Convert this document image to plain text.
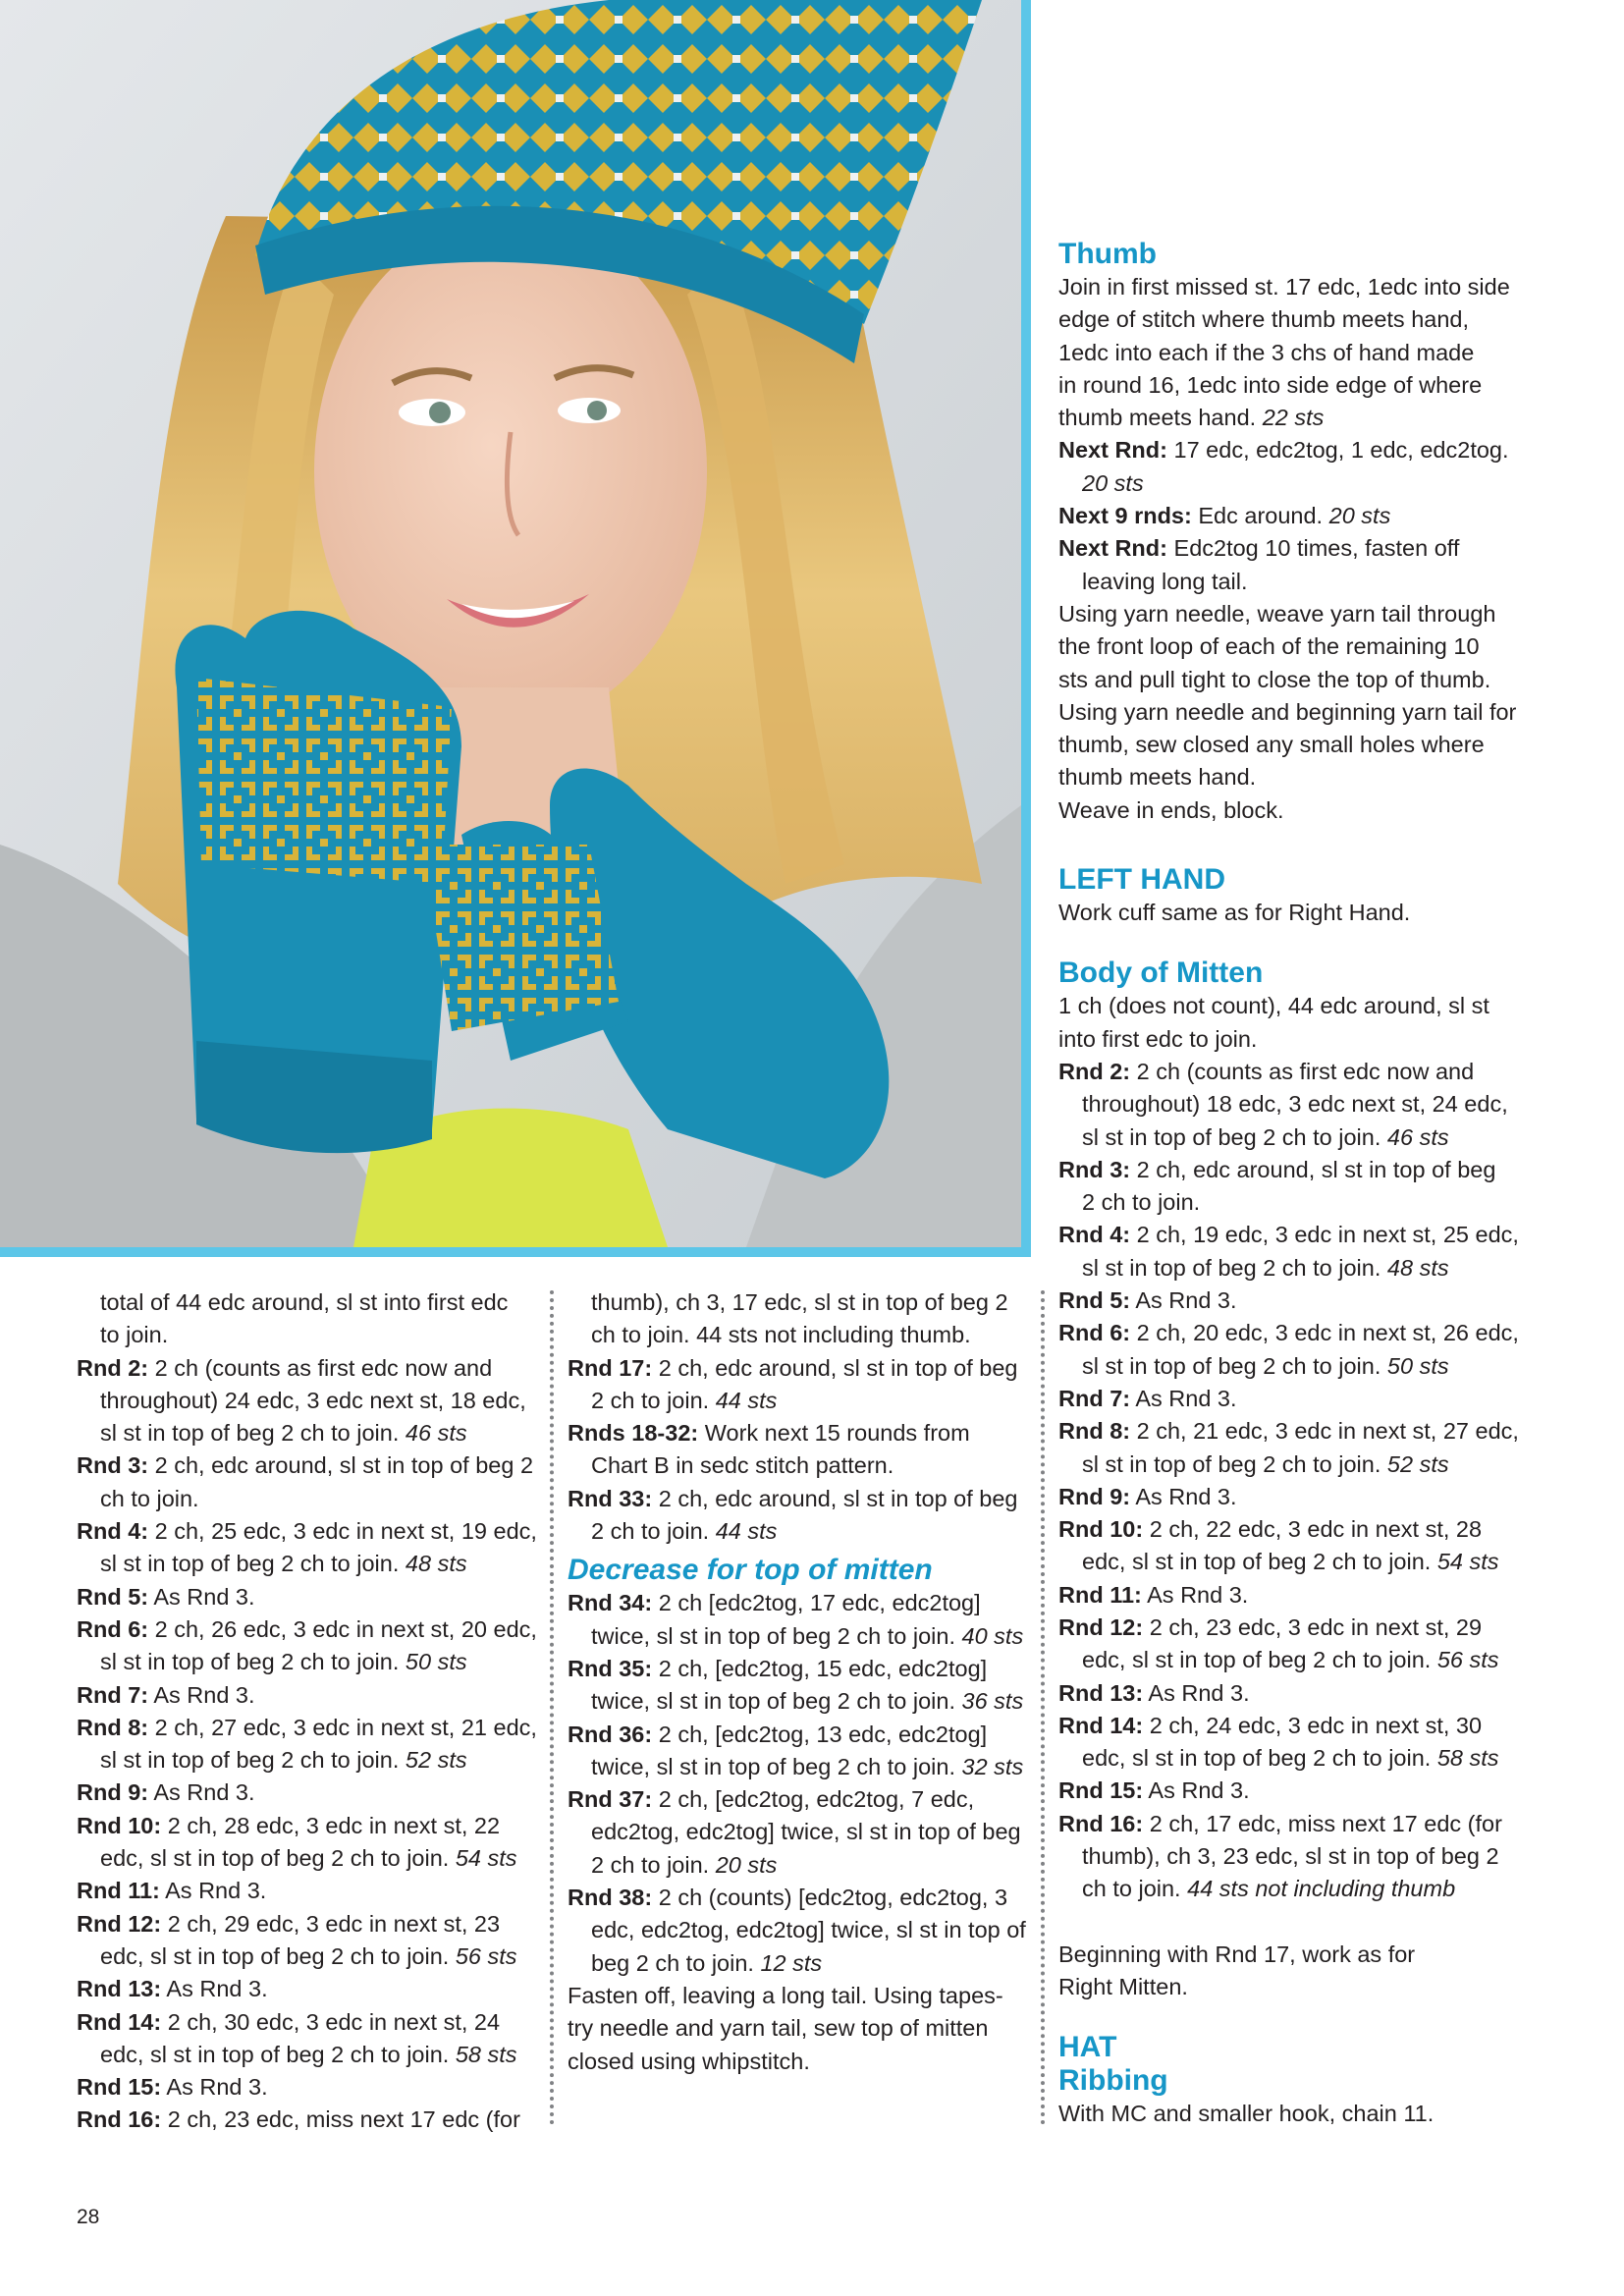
total of 44 edc around, sl st into first edc
to join.
Rnd 2: 2 ch (counts as first edc now and
throughout) 24 edc, 3 edc next st, 18 edc,
sl st in top of beg 2 ch to join. 46 sts
Rnd 3: 2 ch, edc around, sl st in top of beg 2
ch to join.
Rnd 4: 2 ch, 25 edc, 3 edc in next st, 19 edc,
sl st in top of beg 2 ch to join. 48 sts
Rnd 5: As Rnd 3.
Rnd 6: 2 ch, 26 edc, 3 edc in next st, 20 edc,
sl st in top of beg 2 ch to join. 50 sts
Rnd 7: As Rnd 3.
Rnd 8: 2 ch, 27 edc, 3 edc in next st, 21 edc,
sl st in top of beg 2 ch to join. 52 sts
Rnd 9: As Rnd 3.
Rnd 10: 2 ch, 28 edc, 3 edc in next st, 22
edc, sl st in top of beg 2 ch to join. 54 sts
Rnd 11: As Rnd 3.
Rnd 12: 2 ch, 29 edc, 3 edc in next st, 23
edc, sl st in top of beg 2 ch to join. 56 sts
Rnd 13: As Rnd 3.
Rnd 14: 2 ch, 30 edc, 3 edc in next st, 24
edc, sl st in top of beg 2 ch to join. 58 sts
Rnd 15: As Rnd 3.
Rnd 16: 2 ch, 23 edc, miss next 17 edc (for
thumb), ch 3, 17 edc, sl st in top of beg 2
ch to join. 44 sts not including thumb.
Rnd 17: 2 ch, edc around, sl st in top of beg
2 ch to join. 44 sts
Rnds 18-32: Work next 15 rounds from
Chart B in sedc stitch pattern.
Rnd 33: 2 ch, edc around, sl st in top of beg
2 ch to join. 44 sts
Decrease for top of mitten
Rnd 34: 2 ch [edc2tog, 17 edc, edc2tog]
twice, sl st in top of beg 2 ch to join. 40 sts
Rnd 35: 2 ch, [edc2tog, 15 edc, edc2tog]
twice, sl st in top of beg 2 ch to join. 36 sts
Rnd 36: 2 ch, [edc2tog, 13 edc, edc2tog]
twice, sl st in top of beg 2 ch to join. 32 sts
Rnd 37: 2 ch, [edc2tog, edc2tog, 7 edc,
edc2tog, edc2tog] twice, sl st in top of beg
2 ch to join. 20 sts
Rnd 38: 2 ch (counts) [edc2tog, edc2tog, 3
edc, edc2tog, edc2tog] twice, sl st in top of
beg 2 ch to join. 12 sts
Fasten off, leaving a long tail. Using tapes-
try needle and yarn tail, sew top of mitten
closed using whipstitch.
Thumb
Join in first missed st. 17 edc, 1edc into side
edge of stitch where thumb meets hand,
1edc into each if the 3 chs of hand made
in round 16, 1edc into side edge of where
thumb meets hand. 22 sts
Next Rnd: 17 edc, edc2tog, 1 edc, edc2tog.
20 sts
Next 9 rnds: Edc around. 20 sts
Next Rnd: Edc2tog 10 times, fasten off
leaving long tail.
Using yarn needle, weave yarn tail through
the front loop of each of the remaining 10
sts and pull tight to close the top of thumb.
Using yarn needle and beginning yarn tail for
thumb, sew closed any small holes where
thumb meets hand.
Weave in ends, block.
LEFT HAND
Work cuff same as for Right Hand.
Body of Mitten
1 ch (does not count), 44 edc around, sl st
into first edc to join.
Rnd 2: 2 ch (counts as first edc now and
throughout) 18 edc, 3 edc next st, 24 edc,
sl st in top of beg 2 ch to join. 46 sts
Rnd 3: 2 ch, edc around, sl st in top of beg
2 ch to join.
Rnd 4: 2 ch, 19 edc, 3 edc in next st, 25 edc,
sl st in top of beg 2 ch to join. 48 sts
Rnd 5: As Rnd 3.
Rnd 6: 2 ch, 20 edc, 3 edc in next st, 26 edc,
sl st in top of beg 2 ch to join. 50 sts
Rnd 7: As Rnd 3.
Rnd 8: 2 ch, 21 edc, 3 edc in next st, 27 edc,
sl st in top of beg 2 ch to join. 52 sts
Rnd 9: As Rnd 3.
Rnd 10: 2 ch, 22 edc, 3 edc in next st, 28
edc, sl st in top of beg 2 ch to join. 54 sts
Rnd 11: As Rnd 3.
Rnd 12: 2 ch, 23 edc, 3 edc in next st, 29
edc, sl st in top of beg 2 ch to join. 56 sts
Rnd 13: As Rnd 3.
Rnd 14: 2 ch, 24 edc, 3 edc in next st, 30
edc, sl st in top of beg 2 ch to join. 58 sts
Rnd 15: As Rnd 3.
Rnd 16: 2 ch, 17 edc, miss next 17 edc (for
thumb), ch 3, 23 edc, sl st in top of beg 2
ch to join. 44 sts not including thumb
Beginning with Rnd 17, work as for
Right Mitten.
HAT
Ribbing
With MC and smaller hook, chain 11.
28
